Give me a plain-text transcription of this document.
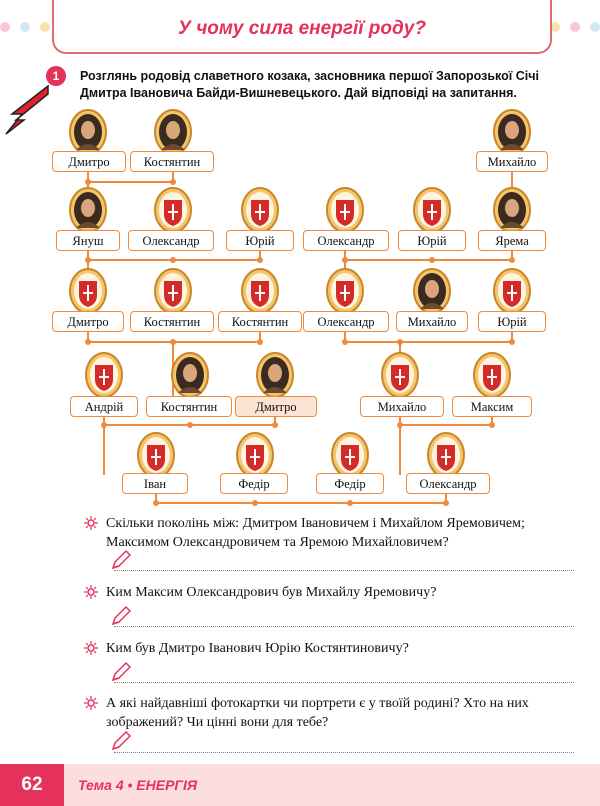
У чому сила енергії роду?
1	Розглянь родовід славетного козака, засновника першої Запорозької Січі Дмитра Івановича Байди-Вишневецького. Дай відповіді на запитання.
Дмитро	Костянтин	Михайло
Януш	Олександр	Юрій	Олександр	Юрій	Ярема
Дмитро	Костянтин	Костянтин	Олександр	Михайло	Юрій
Андрій	Костянтин	Дмитро	Михайло	Максим
Іван	Федір	Федір	Олександр
Скільки поколінь між: Дмитром Івановичем і Михайлом Яремовичем; Максимом Олександровичем та Яремою Михайловичем?
Ким Максим Олександрович був Михайлу Яремовичу?
Ким був Дмитро Іванович Юрію Костянтиновичу?
А які найдавніші фотокартки чи портрети є у твоїй родині? Хто на них зображений? Чи цінні вони для тебе?
62	Тема 4 • ЕНЕРГІЯ
